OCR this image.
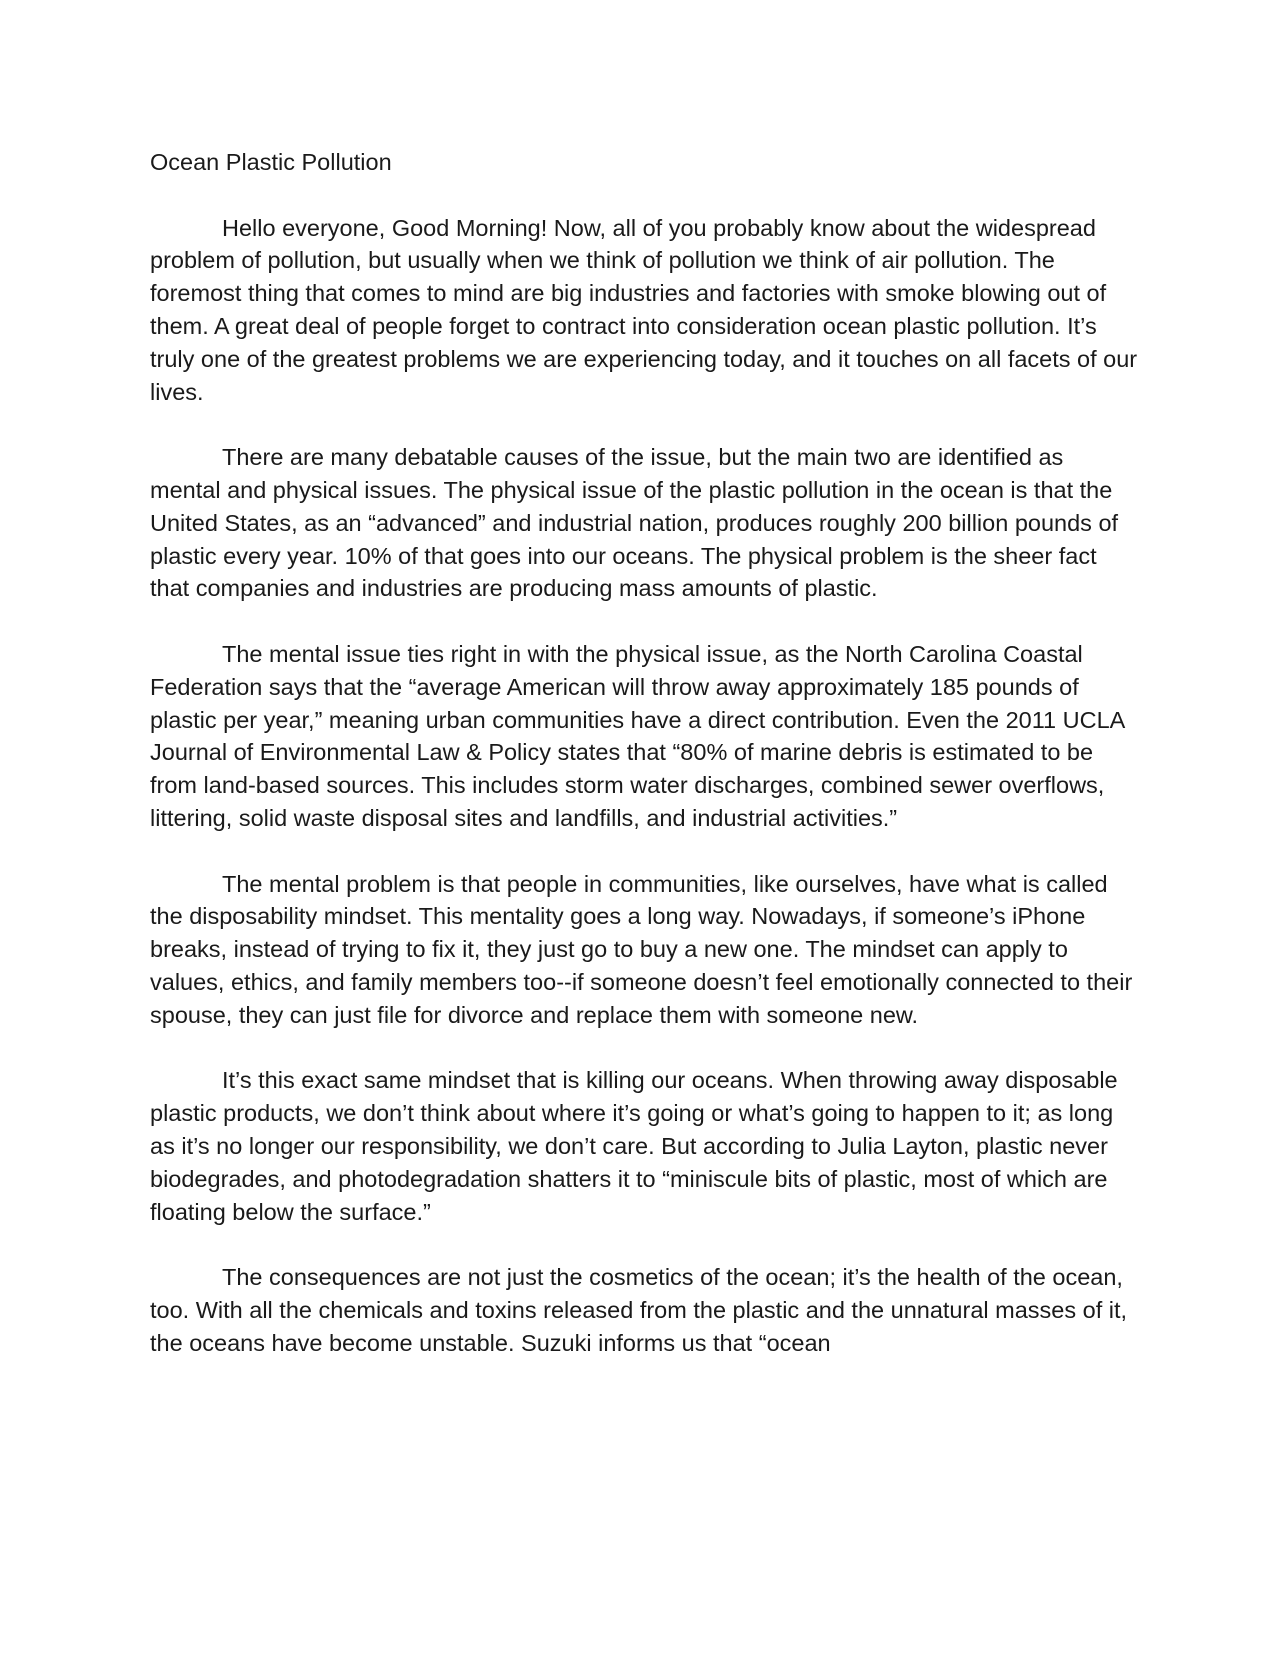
Ocean Plastic Pollution

Hello everyone, Good Morning! Now, all of you probably know about the widespread problem of pollution, but usually when we think of pollution we think of air pollution. The foremost thing that comes to mind are big industries and factories with smoke blowing out of them. A great deal of people forget to contract into consideration ocean plastic pollution. It’s truly one of the greatest problems we are experiencing today, and it touches on all facets of our lives.

There are many debatable causes of the issue, but the main two are identified as mental and physical issues. The physical issue of the plastic pollution in the ocean is that the United States, as an “advanced” and industrial nation, produces roughly 200 billion pounds of plastic every year. 10% of that goes into our oceans. The physical problem is the sheer fact that companies and industries are producing mass amounts of plastic.

The mental issue ties right in with the physical issue, as the North Carolina Coastal Federation says that the “average American will throw away approximately 185 pounds of plastic per year,” meaning urban communities have a direct contribution. Even the 2011 UCLA Journal of Environmental Law & Policy states that “80% of marine debris is estimated to be from land-based sources. This includes storm water discharges, combined sewer overflows, littering, solid waste disposal sites and landfills, and industrial activities.”

The mental problem is that people in communities, like ourselves, have what is called the disposability mindset. This mentality goes a long way. Nowadays, if someone’s iPhone breaks, instead of trying to fix it, they just go to buy a new one. The mindset can apply to values, ethics, and family members too--if someone doesn’t feel emotionally connected to their spouse, they can just file for divorce and replace them with someone new.

It’s this exact same mindset that is killing our oceans. When throwing away disposable plastic products, we don’t think about where it’s going or what’s going to happen to it; as long as it’s no longer our responsibility, we don’t care. But according to Julia Layton, plastic never biodegrades, and photodegradation shatters it to “miniscule bits of plastic, most of which are floating below the surface.”

The consequences are not just the cosmetics of the ocean; it’s the health of the ocean, too. With all the chemicals and toxins released from the plastic and the unnatural masses of it, the oceans have become unstable. Suzuki informs us that “ocean
